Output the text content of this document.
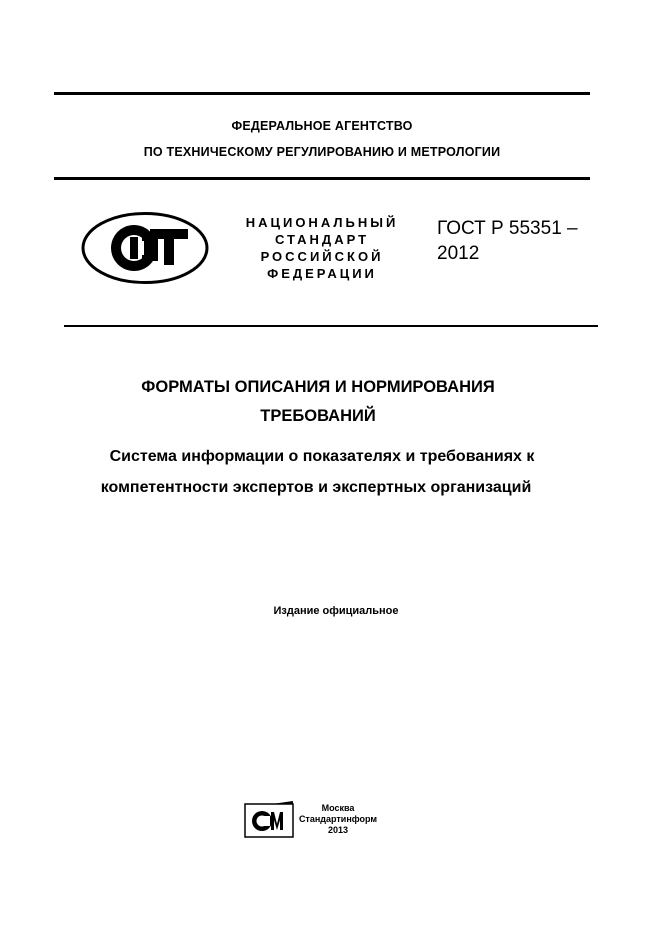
ФЕДЕРАЛЬНОЕ АГЕНТСТВО
ПО ТЕХНИЧЕСКОМУ РЕГУЛИРОВАНИЮ И МЕТРОЛОГИИ
НАЦИОНАЛЬНЫЙ
СТАНДАРТ
РОССИЙСКОЙ
ФЕДЕРАЦИИ
ГОСТ Р 55351 –
2012
ФОРМАТЫ ОПИСАНИЯ И НОРМИРОВАНИЯ
ТРЕБОВАНИЙ
Система информации о показателях и требованиях к
компетентности экспертов и экспертных организаций
Издание официальное
Москва
Стандартинформ
2013
